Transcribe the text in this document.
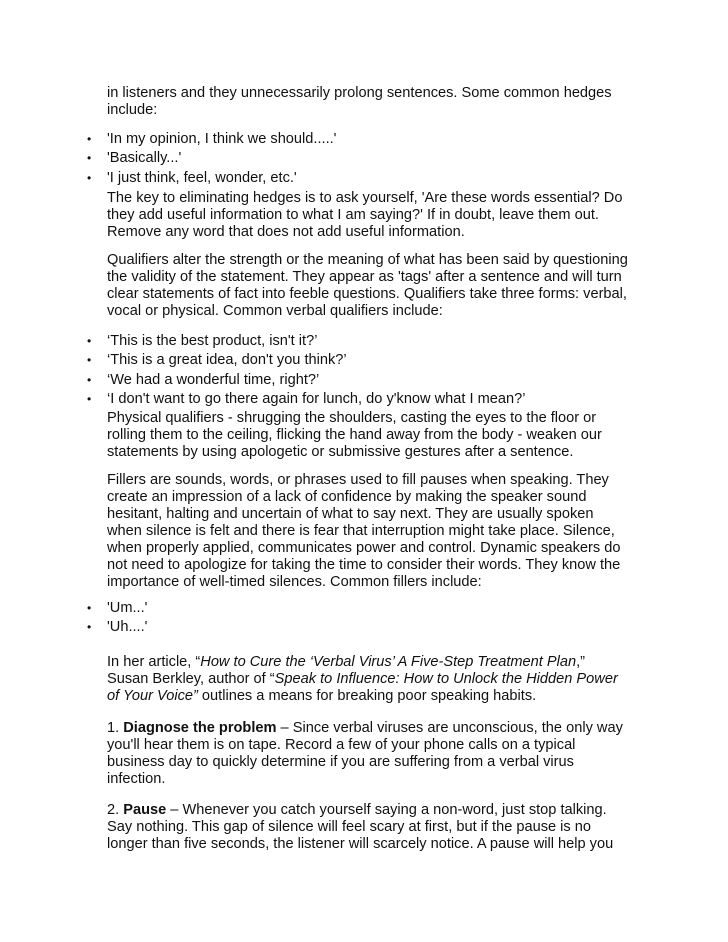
in listeners and they unnecessarily prolong sentences. Some common hedges
include:

• 'In my opinion, I think we should.....'
• 'Basically...'
• 'I just think, feel, wonder, etc.'

The key to eliminating hedges is to ask yourself, 'Are these words essential? Do
they add useful information to what I am saying?' If in doubt, leave them out.
Remove any word that does not add useful information.

Qualifiers alter the strength or the meaning of what has been said by questioning
the validity of the statement. They appear as 'tags' after a sentence and will turn
clear statements of fact into feeble questions. Qualifiers take three forms: verbal,
vocal or physical. Common verbal qualifiers include:

• ‘This is the best product, isn't it?’
• ‘This is a great idea, don't you think?’
• ‘We had a wonderful time, right?’
• ‘I don't want to go there again for lunch, do y'know what I mean?’

Physical qualifiers - shrugging the shoulders, casting the eyes to the floor or
rolling them to the ceiling, flicking the hand away from the body - weaken our
statements by using apologetic or submissive gestures after a sentence.

Fillers are sounds, words, or phrases used to fill pauses when speaking. They
create an impression of a lack of confidence by making the speaker sound
hesitant, halting and uncertain of what to say next. They are usually spoken
when silence is felt and there is fear that interruption might take place. Silence,
when properly applied, communicates power and control. Dynamic speakers do
not need to apologize for taking the time to consider their words. They know the
importance of well-timed silences. Common fillers include:

• 'Um...'
• 'Uh....'

In her article, “How to Cure the ‘Verbal Virus’ A Five-Step Treatment Plan,”
Susan Berkley, author of “Speak to Influence: How to Unlock the Hidden Power
of Your Voice” outlines a means for breaking poor speaking habits.

1. Diagnose the problem – Since verbal viruses are unconscious, the only way
you'll hear them is on tape. Record a few of your phone calls on a typical
business day to quickly determine if you are suffering from a verbal virus
infection.

2. Pause – Whenever you catch yourself saying a non-word, just stop talking.
Say nothing. This gap of silence will feel scary at first, but if the pause is no
longer than five seconds, the listener will scarcely notice. A pause will help you
